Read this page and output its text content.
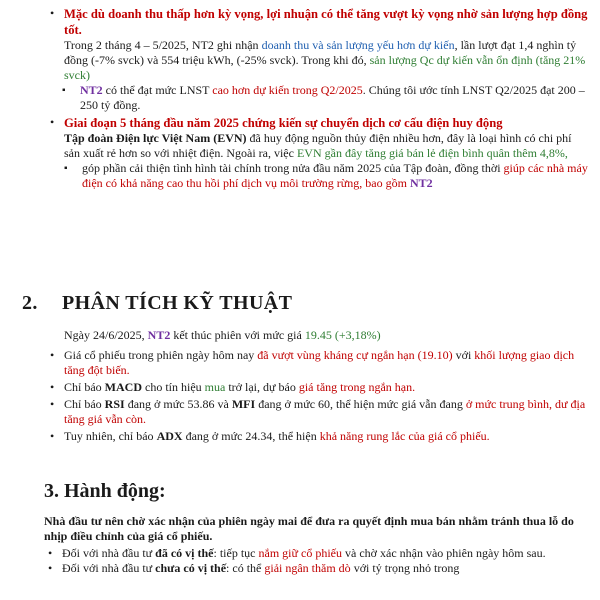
• Mặc dù doanh thu thấp hơn kỳ vọng, lợi nhuận có thể tăng vượt kỳ vọng nhờ sản lượng hợp đồng tốt.
Trong 2 tháng 4 – 5/2025, NT2 ghi nhận doanh thu và sản lượng yếu hơn dự kiến, lần lượt đạt 1,4 nghìn tỷ đồng (-7% svck) và 554 triệu kWh, (-25% svck). Trong khi đó, sản lượng Qc dự kiến vẫn ổn định (tăng 21% svck)
▪ NT2 có thể đạt mức LNST cao hơn dự kiến trong Q2/2025. Chúng tôi ước tính LNST Q2/2025 đạt 200 – 250 tỷ đồng.
• Giai đoạn 5 tháng đầu năm 2025 chứng kiến sự chuyển dịch cơ cấu điện huy động
Tập đoàn Điện lực Việt Nam (EVN) đã huy động nguồn thủy điện nhiều hơn, đây là loại hình có chi phí sản xuất rẻ hơn so với nhiệt điện. Ngoài ra, việc EVN gần đây tăng giá bán lẻ điện bình quân thêm 4,8%,
▪ góp phần cải thiện tình hình tài chính trong nửa đầu năm 2025 của Tập đoàn, đồng thời giúp các nhà máy điện có khả năng cao thu hồi phí dịch vụ môi trường rừng, bao gồm NT2
2. PHÂN TÍCH KỸ THUẬT
Ngày 24/6/2025, NT2 kết thúc phiên với mức giá 19.45 (+3,18%)
• Giá cổ phiếu trong phiên ngày hôm nay đã vượt vùng kháng cự ngắn hạn (19.10) với khối lượng giao dịch tăng đột biến.
• Chỉ báo MACD cho tín hiệu mua trở lại, dự báo giá tăng trong ngắn hạn.
• Chỉ báo RSI đang ở mức 53.86 và MFI đang ở mức 60, thể hiện mức giá vẫn đang ở mức trung bình, dư địa tăng giá vẫn còn.
• Tuy nhiên, chỉ báo ADX đang ở mức 24.34, thể hiện khả năng rung lắc của giá cổ phiếu.
3. Hành động:
Nhà đầu tư nên chờ xác nhận của phiên ngày mai để đưa ra quyết định mua bán nhằm tránh thua lỗ do nhịp điều chỉnh của giá cổ phiếu.
• Đối với nhà đầu tư đã có vị thế: tiếp tục nắm giữ cổ phiếu và chờ xác nhận vào phiên ngày hôm sau.
• Đối với nhà đầu tư chưa có vị thế: có thể giải ngân thăm dò với tỷ trọng nhỏ trong
